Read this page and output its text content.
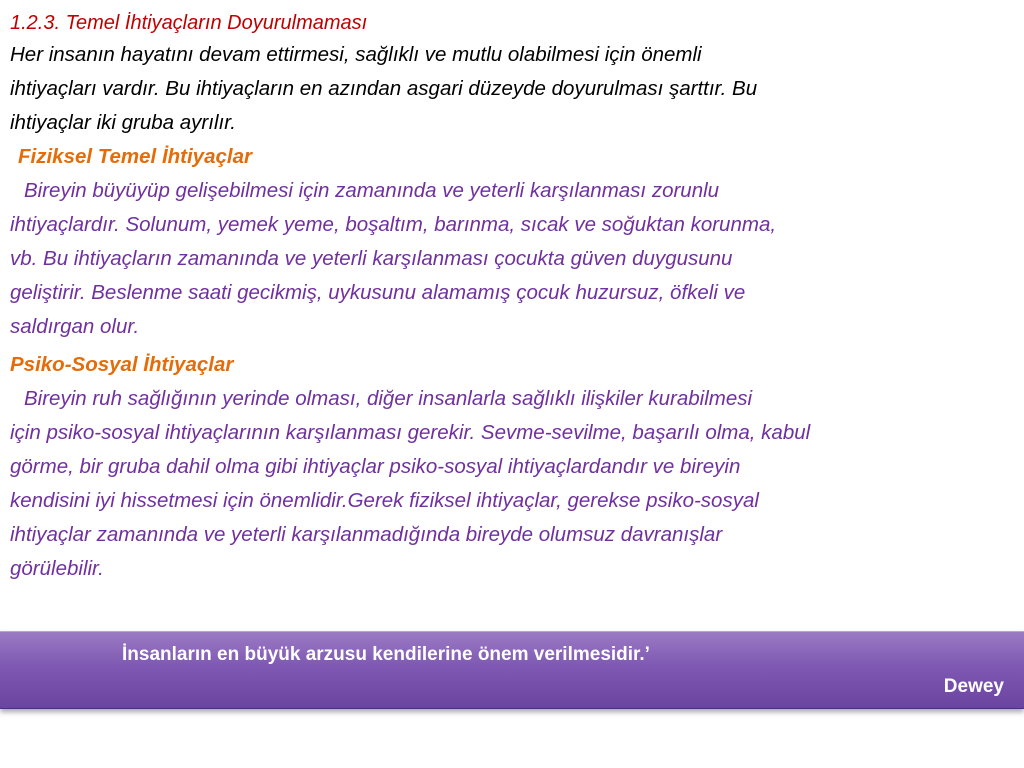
1.2.3. Temel İhtiyaçların Doyurulmaması

Her insanın hayatını devam ettirmesi, sağlıklı ve mutlu olabilmesi için önemli
ihtiyaçları vardır. Bu ihtiyaçların en azından asgari düzeyde doyurulması şarttır. Bu
ihtiyaçlar iki gruba ayrılır.

Fiziksel Temel İhtiyaçlar

Bireyin büyüyüp gelişebilmesi için zamanında ve yeterli karşılanması zorunlu
ihtiyaçlardır. Solunum, yemek yeme, boşaltım, barınma, sıcak ve soğuktan korunma,
vb. Bu ihtiyaçların zamanında ve yeterli karşılanması çocukta güven duygusunu
geliştirir. Beslenme saati gecikmiş, uykusunu alamamış çocuk huzursuz, öfkeli ve
saldırgan olur.

Psiko-Sosyal İhtiyaçlar

Bireyin ruh sağlığının yerinde olması, diğer insanlarla sağlıklı ilişkiler kurabilmesi
için psiko-sosyal ihtiyaçlarının karşılanması gerekir. Sevme-sevilme, başarılı olma, kabul
görme, bir gruba dahil olma gibi ihtiyaçlar psiko-sosyal ihtiyaçlardandır ve bireyin
kendisini iyi hissetmesi için önemlidir.Gerek fiziksel ihtiyaçlar, gerekse psiko-sosyal
ihtiyaçlar zamanında ve yeterli karşılanmadığında bireyde olumsuz davranışlar
görülebilir.

İnsanların en büyük arzusu kendilerine önem verilmesidir.’
Dewey
